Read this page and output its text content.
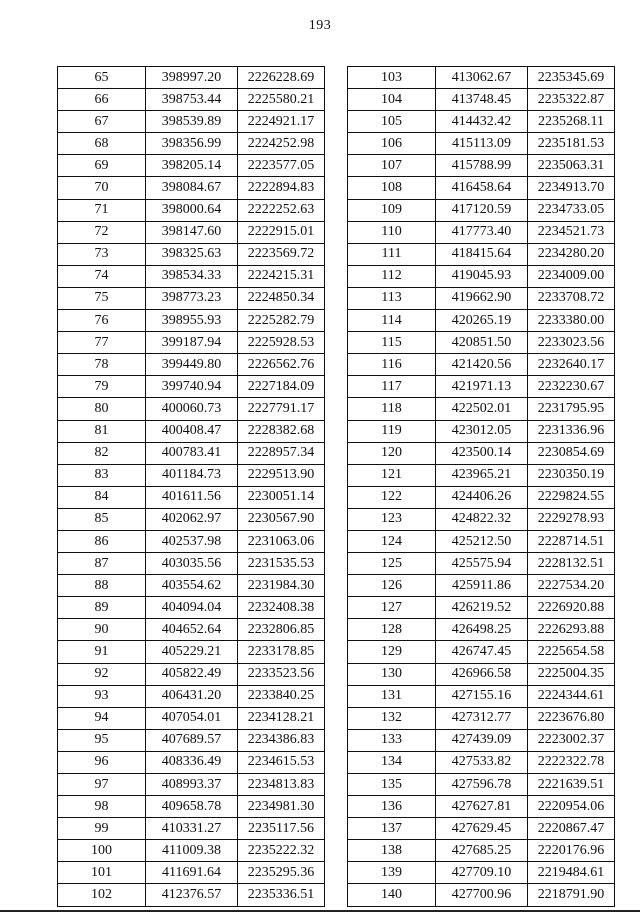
193
65	398997.20	2226228.69
66	398753.44	2225580.21
67	398539.89	2224921.17
68	398356.99	2224252.98
69	398205.14	2223577.05
70	398084.67	2222894.83
71	398000.64	2222252.63
72	398147.60	2222915.01
73	398325.63	2223569.72
74	398534.33	2224215.31
75	398773.23	2224850.34
76	398955.93	2225282.79
77	399187.94	2225928.53
78	399449.80	2226562.76
79	399740.94	2227184.09
80	400060.73	2227791.17
81	400408.47	2228382.68
82	400783.41	2228957.34
83	401184.73	2229513.90
84	401611.56	2230051.14
85	402062.97	2230567.90
86	402537.98	2231063.06
87	403035.56	2231535.53
88	403554.62	2231984.30
89	404094.04	2232408.38
90	404652.64	2232806.85
91	405229.21	2233178.85
92	405822.49	2233523.56
93	406431.20	2233840.25
94	407054.01	2234128.21
95	407689.57	2234386.83
96	408336.49	2234615.53
97	408993.37	2234813.83
98	409658.78	2234981.30
99	410331.27	2235117.56
100	411009.38	2235222.32
101	411691.64	2235295.36
102	412376.57	2235336.51
103	413062.67	2235345.69
104	413748.45	2235322.87
105	414432.42	2235268.11
106	415113.09	2235181.53
107	415788.99	2235063.31
108	416458.64	2234913.70
109	417120.59	2234733.05
110	417773.40	2234521.73
111	418415.64	2234280.20
112	419045.93	2234009.00
113	419662.90	2233708.72
114	420265.19	2233380.00
115	420851.50	2233023.56
116	421420.56	2232640.17
117	421971.13	2232230.67
118	422502.01	2231795.95
119	423012.05	2231336.96
120	423500.14	2230854.69
121	423965.21	2230350.19
122	424406.26	2229824.55
123	424822.32	2229278.93
124	425212.50	2228714.51
125	425575.94	2228132.51
126	425911.86	2227534.20
127	426219.52	2226920.88
128	426498.25	2226293.88
129	426747.45	2225654.58
130	426966.58	2225004.35
131	427155.16	2224344.61
132	427312.77	2223676.80
133	427439.09	2223002.37
134	427533.82	2222322.78
135	427596.78	2221639.51
136	427627.81	2220954.06
137	427629.45	2220867.47
138	427685.25	2220176.96
139	427709.10	2219484.61
140	427700.96	2218791.90
